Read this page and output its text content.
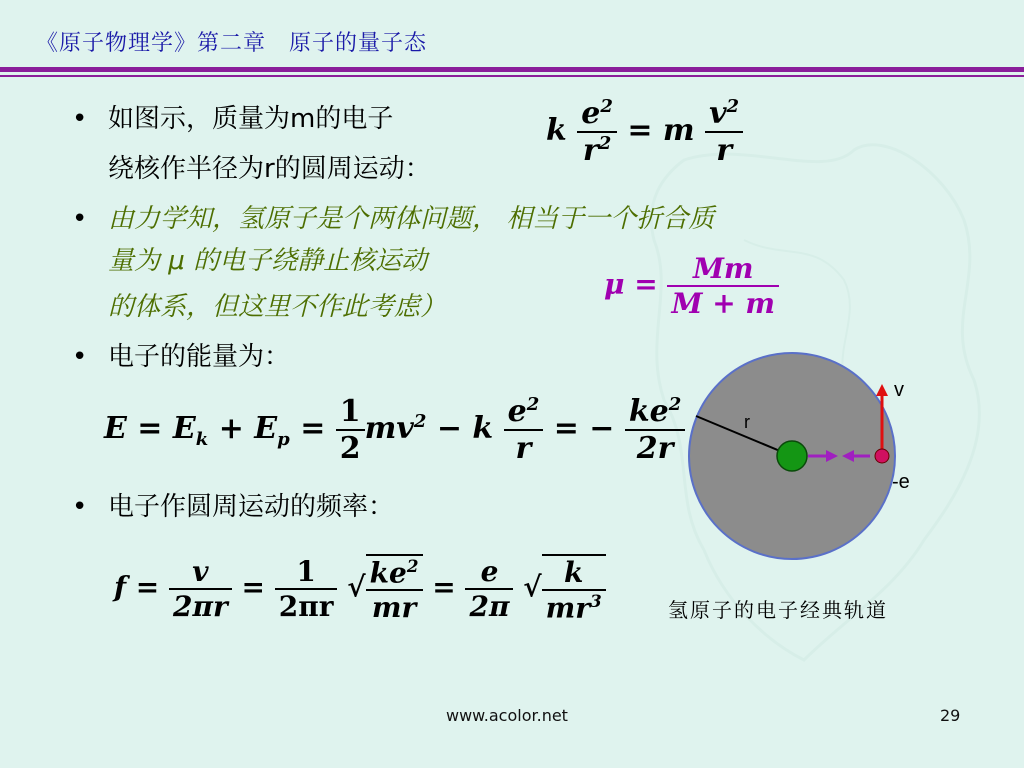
《原子物理学》第二章　原子的量子态
• 如图示，质量为m的电子
绕核作半径为r的圆周运动：
k $\frac{e^2}{r^2} = m \frac{v^2}{r}$
• 由力学知，氢原子是个两体问题， 相当于一个折合质
量为 μ 的电子绕静止核运动
的体系，但这里不作此考虑）
$\mu = \frac{Mm}{M + m}$
• 电子的能量为：
$E = E_k + E_p = \frac{1}{2} mv^2 - k \frac{e^2}{r}$ = − $\frac{ke^2}{2r}$
• 电子作圆周运动的频率：
$f = \frac{v}{2\pi r} = \frac{1}{2\pi r}$ √ $\frac{ke^2}{mr} = \frac{e}{2\pi}$ √ $\frac{k}{mr^3}$
r
v
-e
氢原子的电子经典轨道
www.acolor.net	29
